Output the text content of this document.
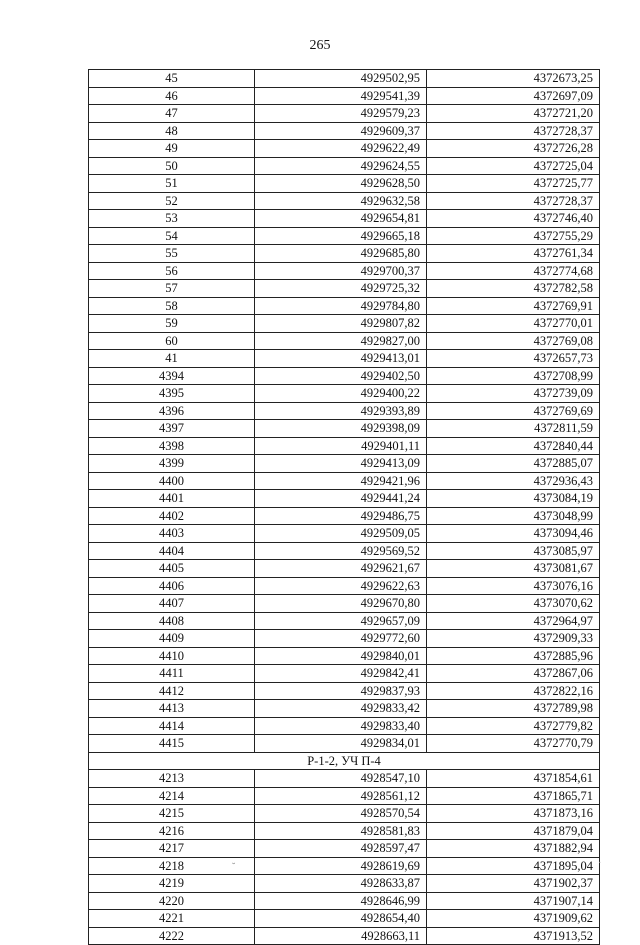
265
45	4929502,95	4372673,25
46	4929541,39	4372697,09
47	4929579,23	4372721,20
48	4929609,37	4372728,37
49	4929622,49	4372726,28
50	4929624,55	4372725,04
51	4929628,50	4372725,77
52	4929632,58	4372728,37
53	4929654,81	4372746,40
54	4929665,18	4372755,29
55	4929685,80	4372761,34
56	4929700,37	4372774,68
57	4929725,32	4372782,58
58	4929784,80	4372769,91
59	4929807,82	4372770,01
60	4929827,00	4372769,08
41	4929413,01	4372657,73
4394	4929402,50	4372708,99
4395	4929400,22	4372739,09
4396	4929393,89	4372769,69
4397	4929398,09	4372811,59
4398	4929401,11	4372840,44
4399	4929413,09	4372885,07
4400	4929421,96	4372936,43
4401	4929441,24	4373084,19
4402	4929486,75	4373048,99
4403	4929509,05	4373094,46
4404	4929569,52	4373085,97
4405	4929621,67	4373081,67
4406	4929622,63	4373076,16
4407	4929670,80	4373070,62
4408	4929657,09	4372964,97
4409	4929772,60	4372909,33
4410	4929840,01	4372885,96
4411	4929842,41	4372867,06
4412	4929837,93	4372822,16
4413	4929833,42	4372789,98
4414	4929833,40	4372779,82
4415	4929834,01	4372770,79
Р-1-2, УЧ П-4		
4213	4928547,10	4371854,61
4214	4928561,12	4371865,71
4215	4928570,54	4371873,16
4216	4928581,83	4371879,04
4217	4928597,47	4371882,94
4218	4928619,69	4371895,04
4219	4928633,87	4371902,37
4220	4928646,99	4371907,14
4221	4928654,40	4371909,62
4222	4928663,11	4371913,52
˘	·
